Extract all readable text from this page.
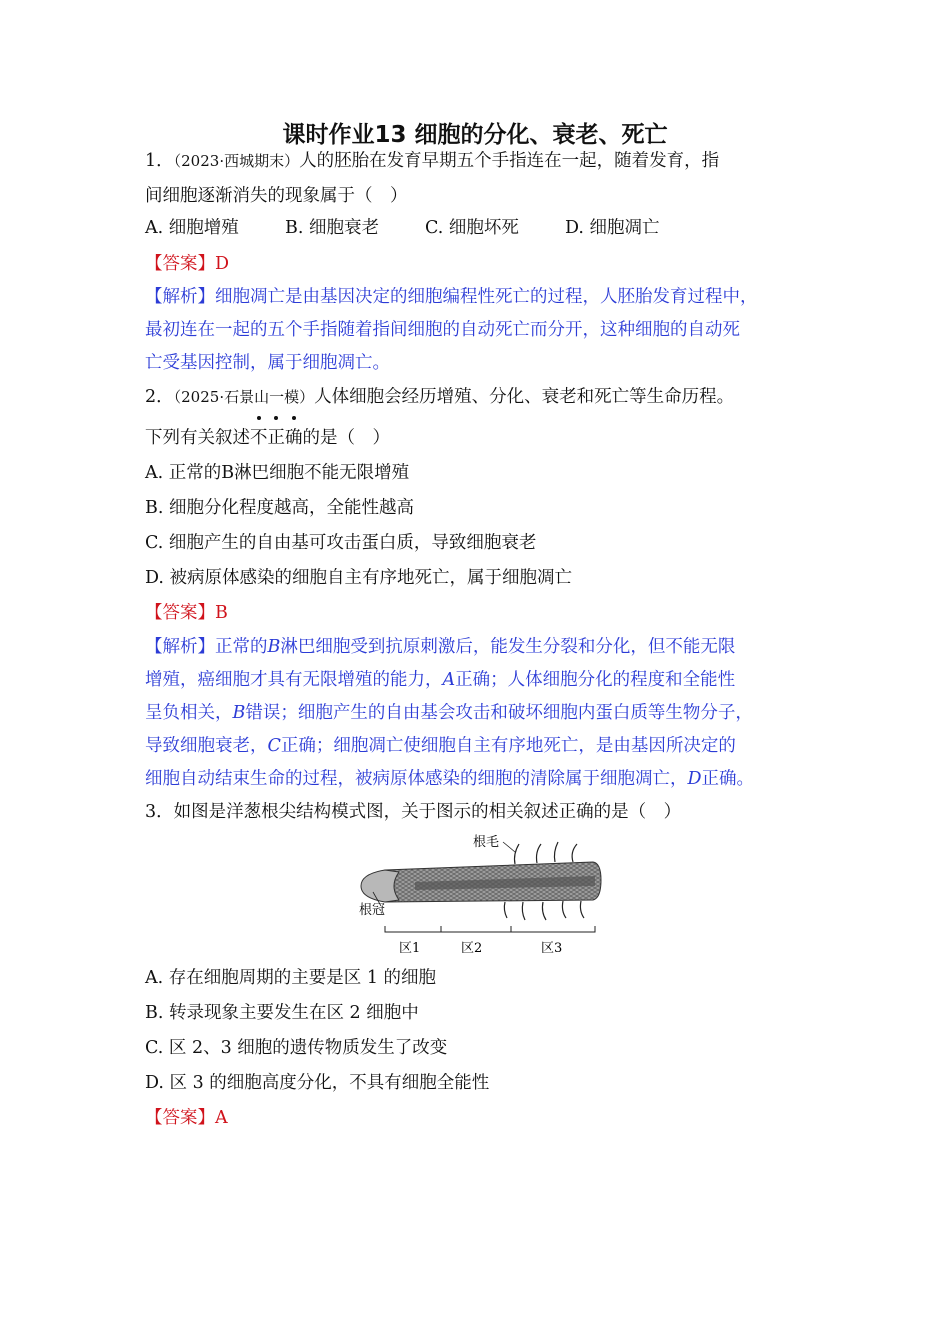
课时作业13 细胞的分化、衰老、死亡
1．（2023·西城期末）人的胚胎在发育早期五个手指连在一起，随着发育，指
间细胞逐渐消失的现象属于（　）
A. 细胞增殖	B. 细胞衰老	C. 细胞坏死	D. 细胞凋亡
【答案】D
【解析】细胞凋亡是由基因决定的细胞编程性死亡的过程，人胚胎发育过程中，
最初连在一起的五个手指随着指间细胞的自动死亡而分开，这种细胞的自动死
亡受基因控制，属于细胞凋亡。
2．（2025·石景山一模）人体细胞会经历增殖、分化、衰老和死亡等生命历程。
下列有关叙述
不
正
确的是（　）
A. 正常的B淋巴细胞不能无限增殖
B. 细胞分化程度越高，全能性越高
C. 细胞产生的自由基可攻击蛋白质，导致细胞衰老
D. 被病原体感染的细胞自主有序地死亡，属于细胞凋亡
【答案】B
【解析】正常的B淋巴细胞受到抗原刺激后，能发生分裂和分化，但不能无限
增殖，癌细胞才具有无限增殖的能力，A正确；人体细胞分化的程度和全能性
呈负相关，B错误；细胞产生的自由基会攻击和破坏细胞内蛋白质等生物分子，
导致细胞衰老，C正确；细胞凋亡使细胞自主有序地死亡，是由基因所决定的
细胞自动结束生命的过程，被病原体感染的细胞的清除属于细胞凋亡，D正确。
3．如图是洋葱根尖结构模式图，关于图示的相关叙述正确的是（　）
根毛
根冠
区1	区2	区3
A. 存在细胞周期的主要是区 1 的细胞
B. 转录现象主要发生在区 2 细胞中
C. 区 2、3 细胞的遗传物质发生了改变
D. 区 3 的细胞高度分化，不具有细胞全能性
【答案】A
